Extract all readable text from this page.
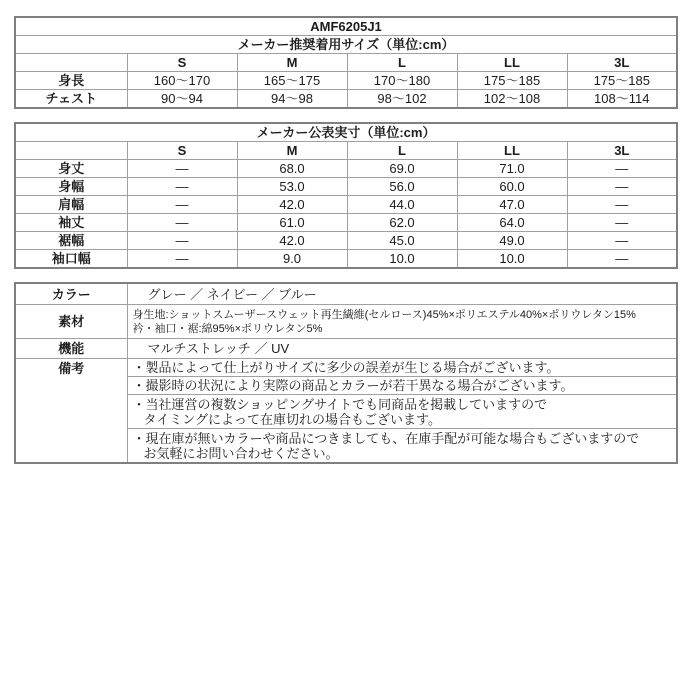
AMF6205J1					
メーカー推奨着用サイズ（単位:cm）					
	S	M	L	LL	3L
身長	160～170	165～175	170～180	175～185	175～185
チェスト	90～94	94～98	98～102	102～108	108～114
メーカー公表実寸（単位:cm）					
	S	M	L	LL	3L
身丈	—	68.0	69.0	71.0	—
身幅	—	53.0	56.0	60.0	—
肩幅	—	42.0	44.0	47.0	—
袖丈	—	61.0	62.0	64.0	—
裾幅	—	42.0	45.0	49.0	—
袖口幅	—	9.0	10.0	10.0	—
カラー	グレー ／ ネイビー ／ ブルー
素材	身生地:ショットスムーザースウェット再生繊維(セルロース)45%×ポリエステル40%×ポリウレタン15%
衿・袖口・裾:綿95%×ポリウレタン5%

機能	マルチストレッチ ／ UV
備考	・製品によって仕上がりサイズに多少の誤差が生じる場合がございます。

	・撮影時の状況により実際の商品とカラーが若干異なる場合がございます。

	・当社運営の複数ショッピングサイトでも同商品を掲載していますので
タイミングによって在庫切れの場合もございます。

	・現在庫が無いカラーや商品につきましても、在庫手配が可能な場合もございますので
お気軽にお問い合わせください。
